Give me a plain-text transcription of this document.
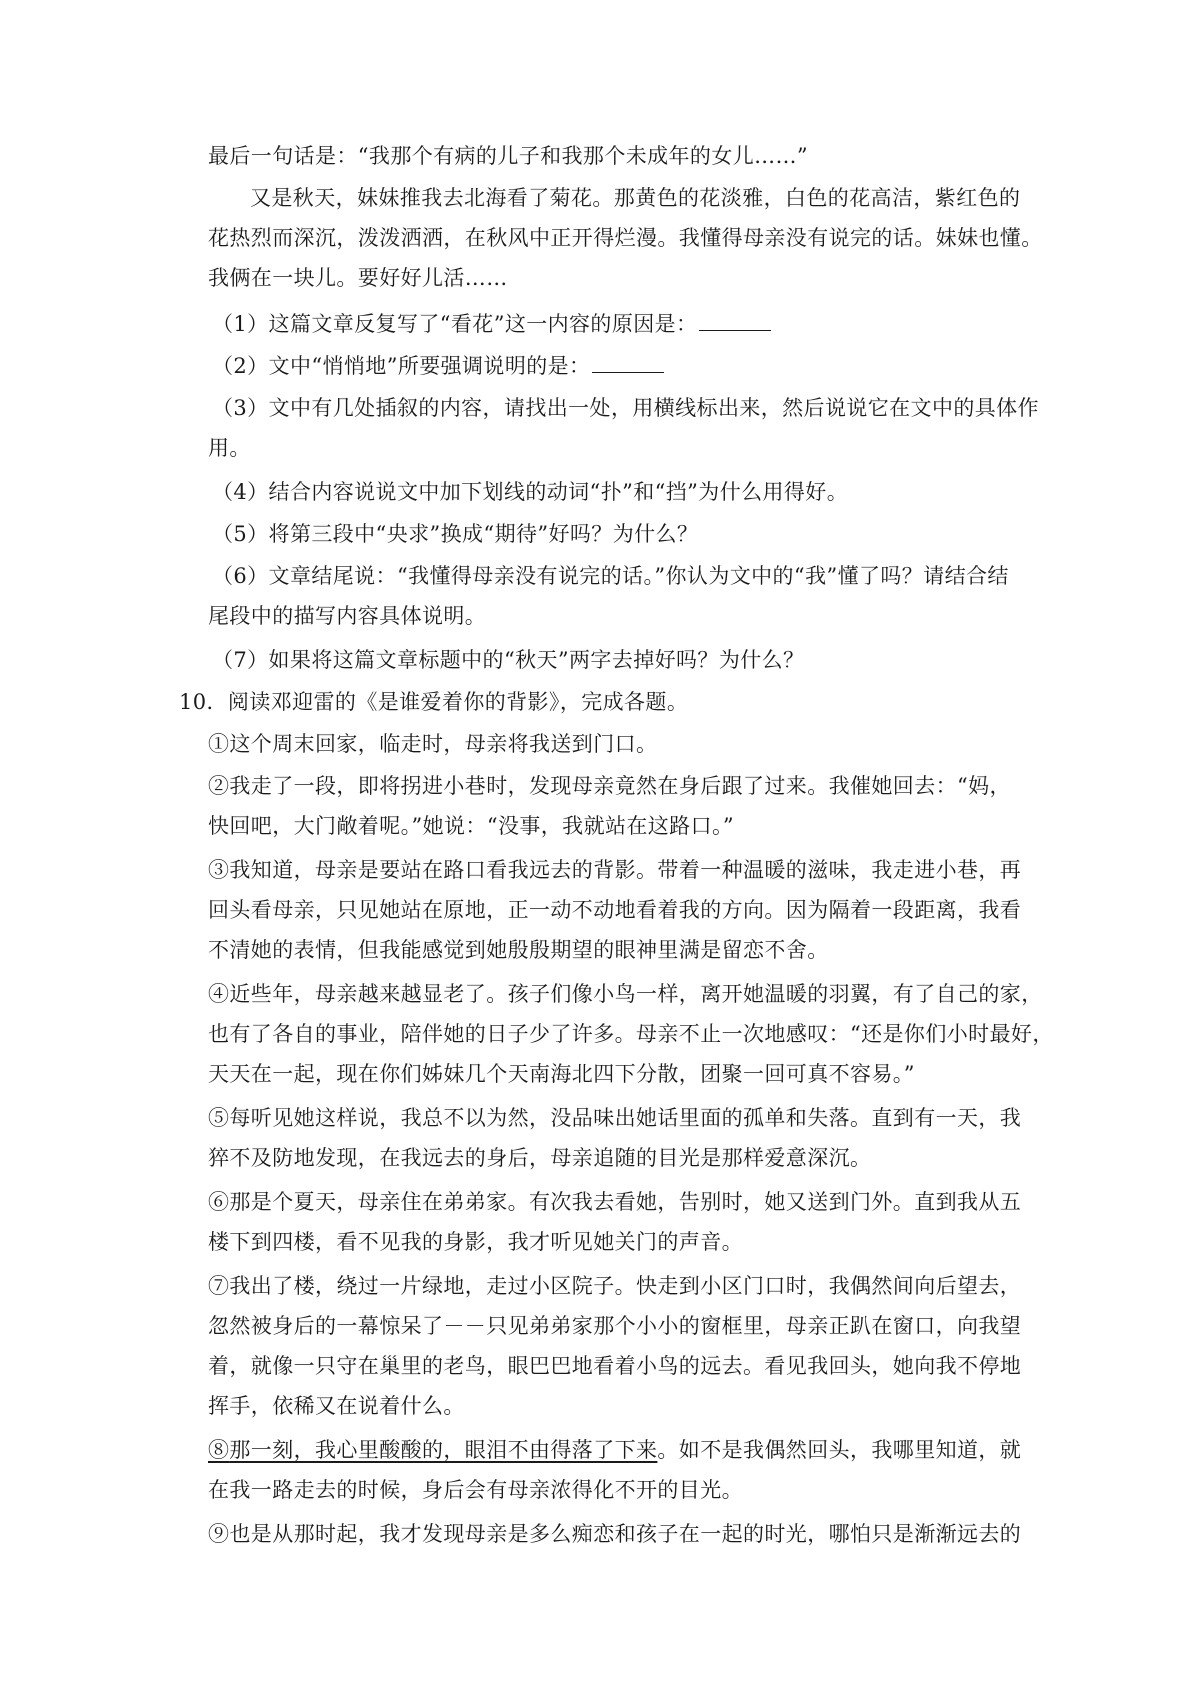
最后一句话是：“我那个有病的儿子和我那个未成年的女儿……”
又是秋天，妹妹推我去北海看了菊花。那黄色的花淡雅，白色的花高洁，紫红色的
花热烈而深沉，泼泼洒洒，在秋风中正开得烂漫。我懂得母亲没有说完的话。妹妹也懂。
我俩在一块儿。要好好儿活……
（1）这篇文章反复写了“看花”这一内容的原因是：
（2）文中“悄悄地”所要强调说明的是：
（3）文中有几处插叙的内容，请找出一处，用横线标出来，然后说说它在文中的具体作
用。
（4）结合内容说说文中加下划线的动词“扑”和“挡”为什么用得好。
（5）将第三段中“央求”换成“期待”好吗？为什么？
（6）文章结尾说：“我懂得母亲没有说完的话。”你认为文中的“我”懂了吗？请结合结
尾段中的描写内容具体说明。
（7）如果将这篇文章标题中的“秋天”两字去掉好吗？为什么？
10．阅读邓迎雷的《是谁爱着你的背影》，完成各题。
①这个周末回家，临走时，母亲将我送到门口。
②我走了一段，即将拐进小巷时，发现母亲竟然在身后跟了过来。我催她回去：“妈，
快回吧，大门敞着呢。”她说：“没事，我就站在这路口。”
③我知道，母亲是要站在路口看我远去的背影。带着一种温暖的滋味，我走进小巷，再
回头看母亲，只见她站在原地，正一动不动地看着我的方向。因为隔着一段距离，我看
不清她的表情，但我能感觉到她殷殷期望的眼神里满是留恋不舍。
④近些年，母亲越来越显老了。孩子们像小鸟一样，离开她温暖的羽翼，有了自己的家，
也有了各自的事业，陪伴她的日子少了许多。母亲不止一次地感叹：“还是你们小时最好，
天天在一起，现在你们姊妹几个天南海北四下分散，团聚一回可真不容易。”
⑤每听见她这样说，我总不以为然，没品味出她话里面的孤单和失落。直到有一天，我
猝不及防地发现，在我远去的身后，母亲追随的目光是那样爱意深沉。
⑥那是个夏天，母亲住在弟弟家。有次我去看她，告别时，她又送到门外。直到我从五
楼下到四楼，看不见我的身影，我才听见她关门的声音。
⑦我出了楼，绕过一片绿地，走过小区院子。快走到小区门口时，我偶然间向后望去，
忽然被身后的一幕惊呆了－－只见弟弟家那个小小的窗框里，母亲正趴在窗口，向我望
着，就像一只守在巢里的老鸟，眼巴巴地看着小鸟的远去。看见我回头，她向我不停地
挥手，依稀又在说着什么。
⑧那一刻，我心里酸酸的，眼泪不由得落了下来。如不是我偶然回头，我哪里知道，就
在我一路走去的时候，身后会有母亲浓得化不开的目光。
⑨也是从那时起，我才发现母亲是多么痴恋和孩子在一起的时光，哪怕只是渐渐远去的
